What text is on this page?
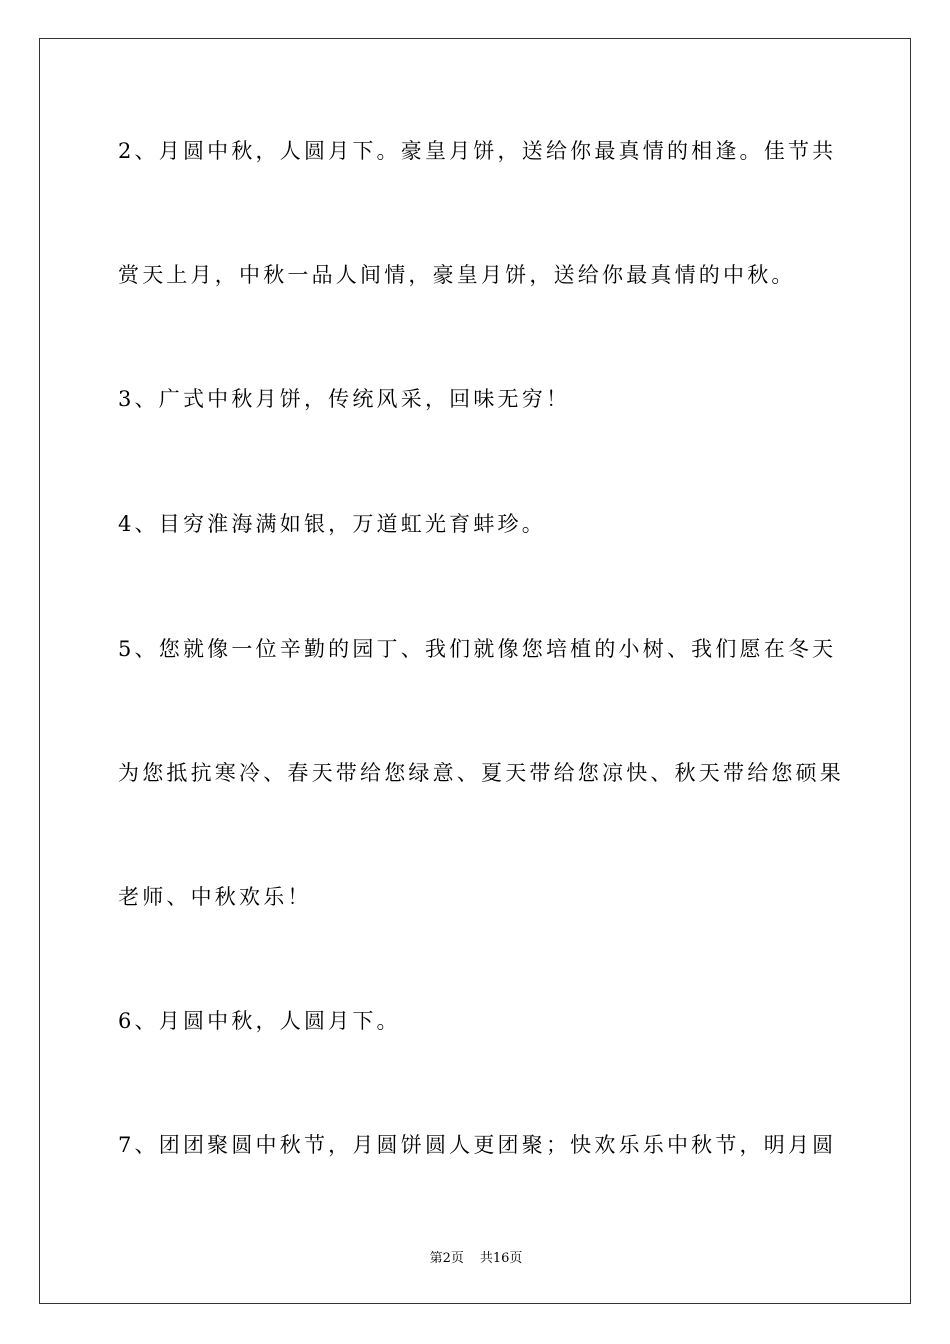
2、月圆中秋，人圆月下。豪皇月饼，送给你最真情的相逢。佳节共
赏天上月，中秋一品人间情，豪皇月饼，送给你最真情的中秋。
3、广式中秋月饼，传统风采，回味无穷！
4、目穷淮海满如银，万道虹光育蚌珍。
5、您就像一位辛勤的园丁、我们就像您培植的小树、我们愿在冬天
为您抵抗寒冷、春天带给您绿意、夏天带给您凉快、秋天带给您硕果
老师、中秋欢乐！
6、月圆中秋，人圆月下。
7、团团聚圆中秋节，月圆饼圆人更团聚；快欢乐乐中秋节，明月圆
第2页 共16页
